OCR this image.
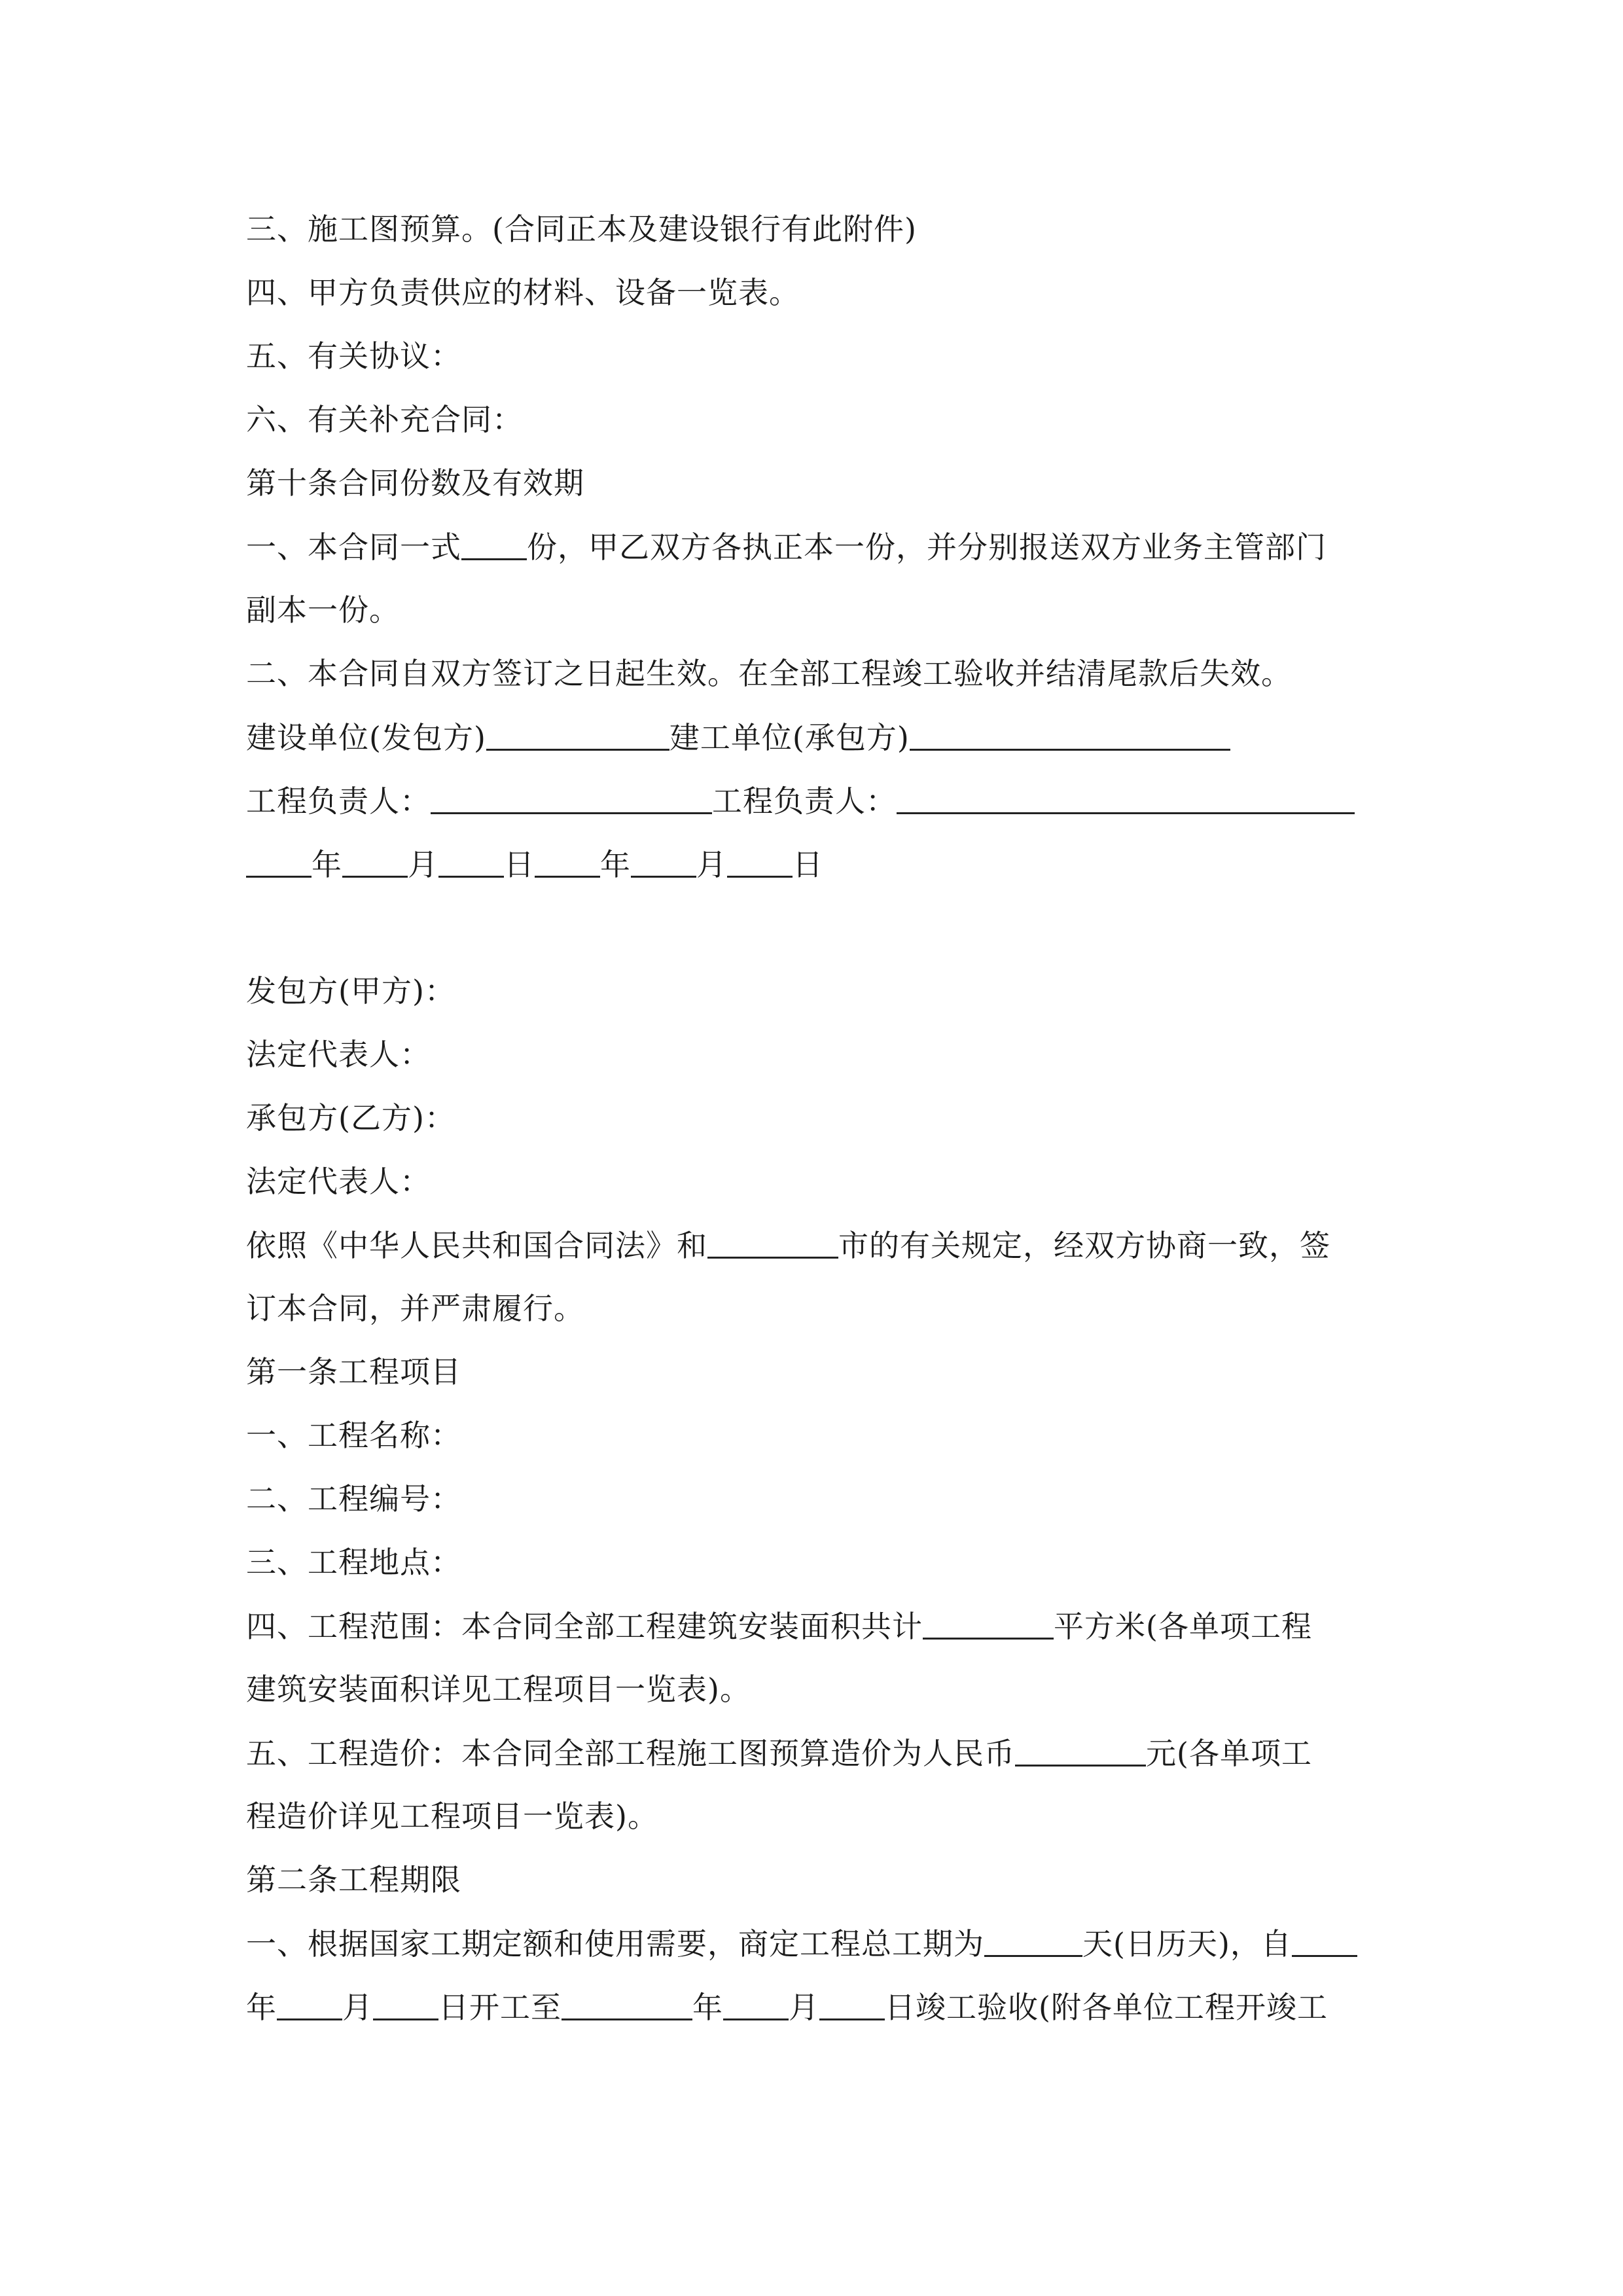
三、施工图预算。(合同正本及建设银行有此附件)
四、甲方负责供应的材料、设备一览表。
五、有关协议：
六、有关补充合同：
第十条合同份数及有效期
一、本合同一式 份，甲乙双方各执正本一份，并分别报送双方业务主管部门
副本一份。
二、本合同自双方签订之日起生效。在全部工程竣工验收并结清尾款后失效。
建设单位(发包方)	建工单位(承包方)
工程负责人：	工程负责人：
年 月 日 年 月 日
发包方(甲方)：
法定代表人：
承包方(乙方)：
法定代表人：
依照《中华人民共和国合同法》和	市的有关规定，经双方协商一致，签
订本合同，并严肃履行。
第一条工程项目
一、工程名称：
二、工程编号：
三、工程地点：
四、工程范围：本合同全部工程建筑安装面积共计	平方米(各单项工程
建筑安装面积详见工程项目一览表)。
五、工程造价：本合同全部工程施工图预算造价为人民币	元(各单项工
程造价详见工程项目一览表)。
第二条工程期限
一、根据国家工期定额和使用需要，商定工程总工期为	天(日历天)，自
年 月 日开工至	年 月 日竣工验收(附各单位工程开竣工
